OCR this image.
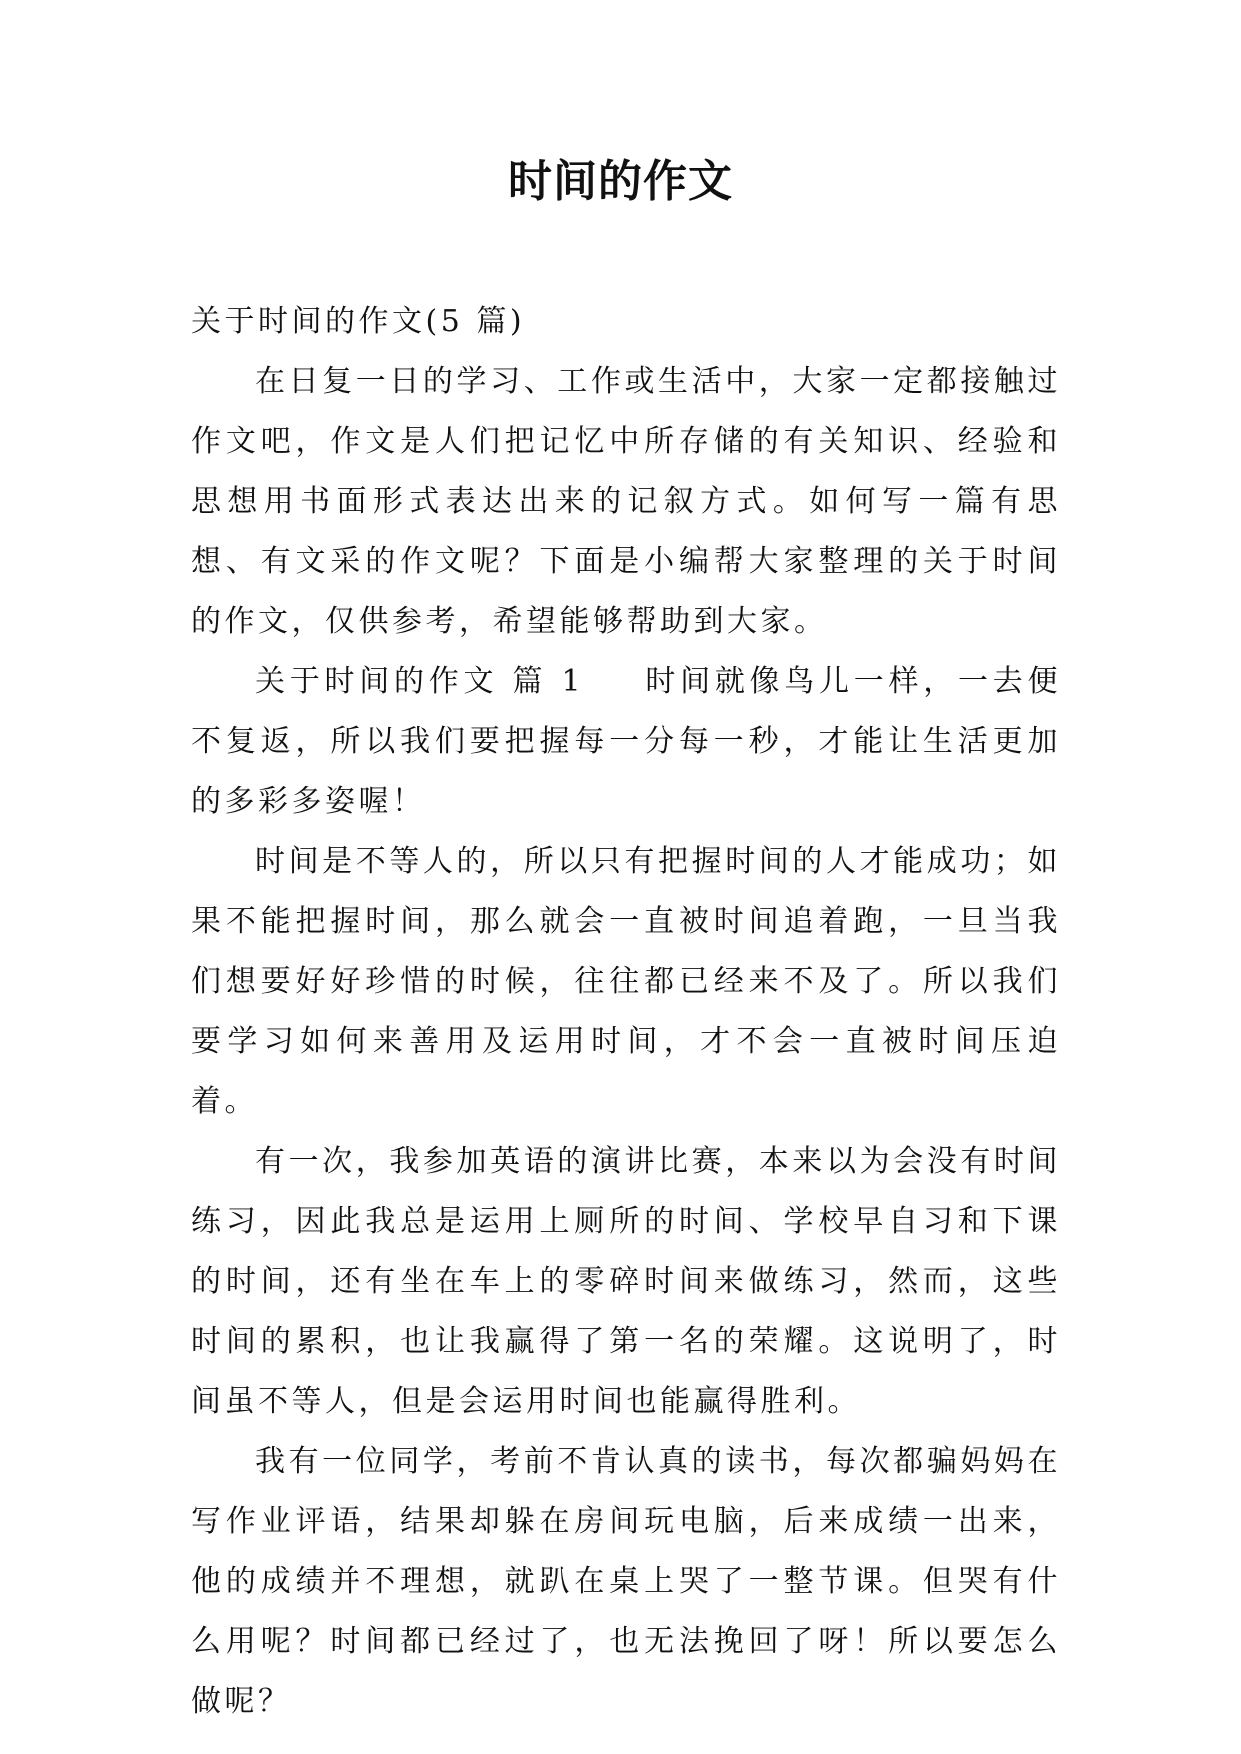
时间的作文

关于时间的作文(5 篇)

在日复一日的学习、工作或生活中，大家一定都接触过作文吧，作文是人们把记忆中所存储的有关知识、经验和思想用书面形式表达出来的记叙方式。如何写一篇有思想、有文采的作文呢？下面是小编帮大家整理的关于时间的作文，仅供参考，希望能够帮助到大家。

关于时间的作文 篇 1 时间就像鸟儿一样，一去便不复返，所以我们要把握每一分每一秒，才能让生活更加的多彩多姿喔！

时间是不等人的，所以只有把握时间的人才能成功；如果不能把握时间，那么就会一直被时间追着跑，一旦当我们想要好好珍惜的时候，往往都已经来不及了。所以我们要学习如何来善用及运用时间，才不会一直被时间压迫着。

有一次，我参加英语的演讲比赛，本来以为会没有时间练习，因此我总是运用上厕所的时间、学校早自习和下课的时间，还有坐在车上的零碎时间来做练习，然而，这些时间的累积，也让我赢得了第一名的荣耀。这说明了，时间虽不等人，但是会运用时间也能赢得胜利。

我有一位同学，考前不肯认真的读书，每次都骗妈妈在写作业评语，结果却躲在房间玩电脑，后来成绩一出来，他的成绩并不理想，就趴在桌上哭了一整节课。但哭有什么用呢？时间都已经过了，也无法挽回了呀！所以要怎么做呢？
